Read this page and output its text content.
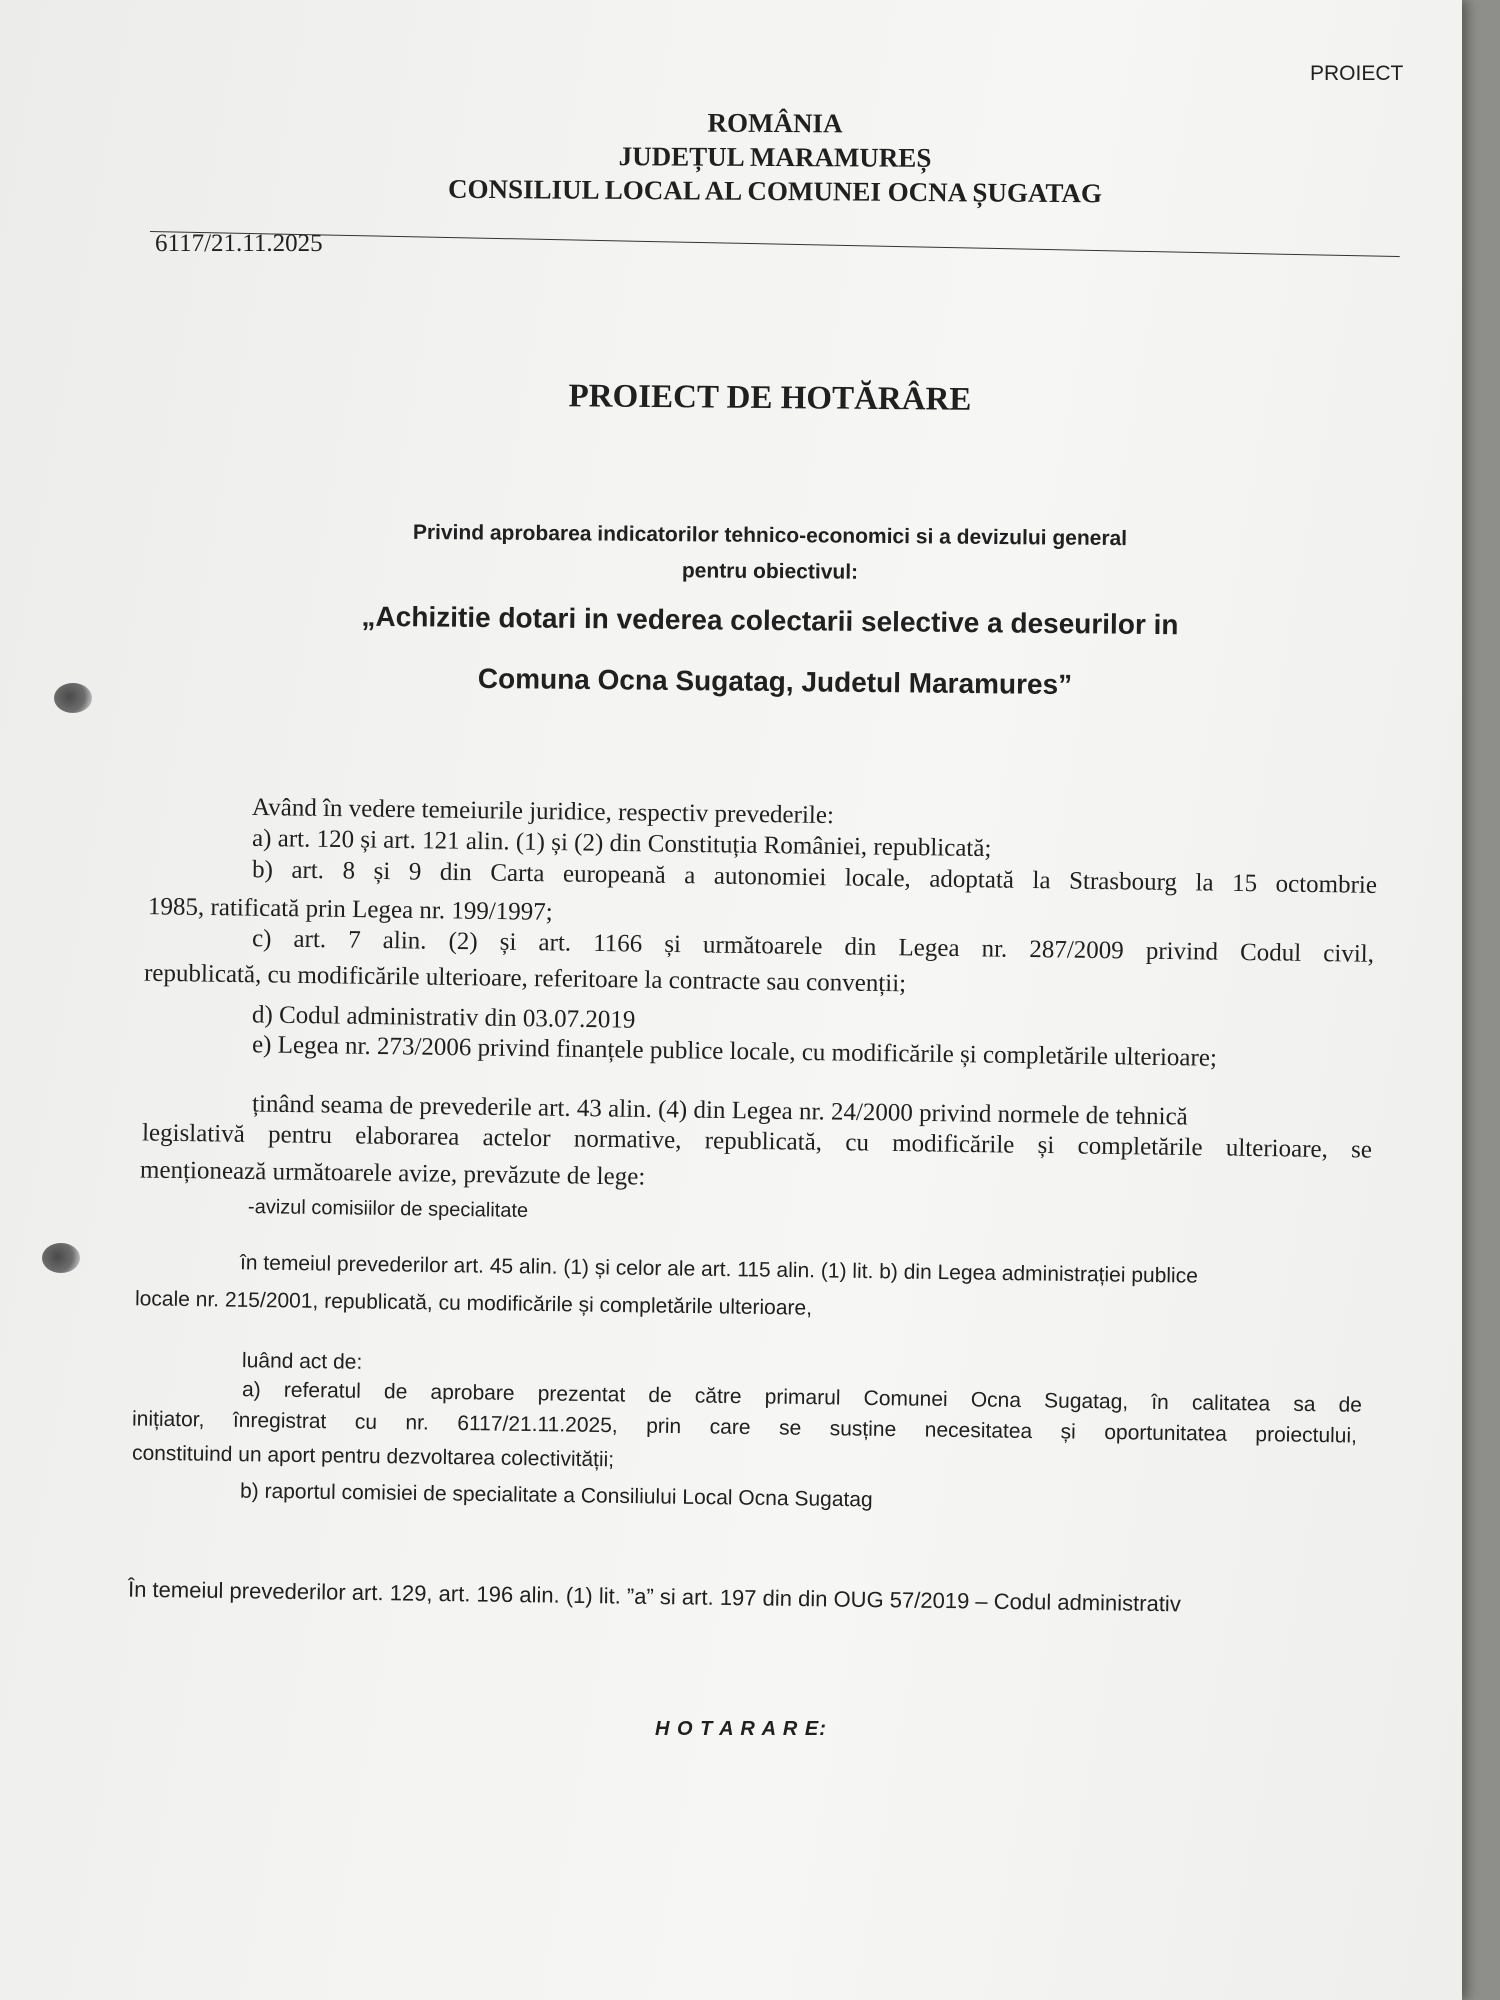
PROIECT
ROMÂNIA
JUDEȚUL MARAMUREȘ
CONSILIUL LOCAL AL COMUNEI OCNA ȘUGATAG
6117/21.11.2025
PROIECT DE HOTĂRÂRE
Privind aprobarea indicatorilor tehnico-economici si a devizului general
pentru obiectivul:
„Achizitie dotari in vederea colectarii selective a deseurilor in
Comuna Ocna Sugatag, Judetul Maramures”
Având în vedere temeiurile juridice, respectiv prevederile:
a) art. 120 și art. 121 alin. (1) și (2) din Constituția României, republicată;
b) art. 8 și 9 din Carta europeană a autonomiei locale, adoptată la Strasbourg la 15 octombrie
1985, ratificată prin Legea nr. 199/1997;
c) art. 7 alin. (2) și art. 1166 și următoarele din Legea nr. 287/2009 privind Codul civil,
republicată, cu modificările ulterioare, referitoare la contracte sau convenții;
d) Codul administrativ din 03.07.2019
e) Legea nr. 273/2006 privind finanțele publice locale, cu modificările și completările ulterioare;
ținând seama de prevederile art. 43 alin. (4) din Legea nr. 24/2000 privind normele de tehnică
legislativă pentru elaborarea actelor normative, republicată, cu modificările și completările ulterioare, se
menționează următoarele avize, prevăzute de lege:
-avizul comisiilor de specialitate
în temeiul prevederilor art. 45 alin. (1) și celor ale art. 115 alin. (1) lit. b) din Legea administrației publice
locale nr. 215/2001, republicată, cu modificările și completările ulterioare,
luând act de:
a) referatul de aprobare prezentat de către primarul Comunei Ocna Sugatag, în calitatea sa de
inițiator, înregistrat cu nr. 6117/21.11.2025, prin care se susține necesitatea și oportunitatea proiectului,
constituind un aport pentru dezvoltarea colectivității;
b) raportul comisiei de specialitate a Consiliului Local Ocna Sugatag
În temeiul prevederilor art. 129, art. 196 alin. (1) lit. ”a” si art. 197 din din OUG 57/2019 – Codul administrativ
H O T A R A R E:
